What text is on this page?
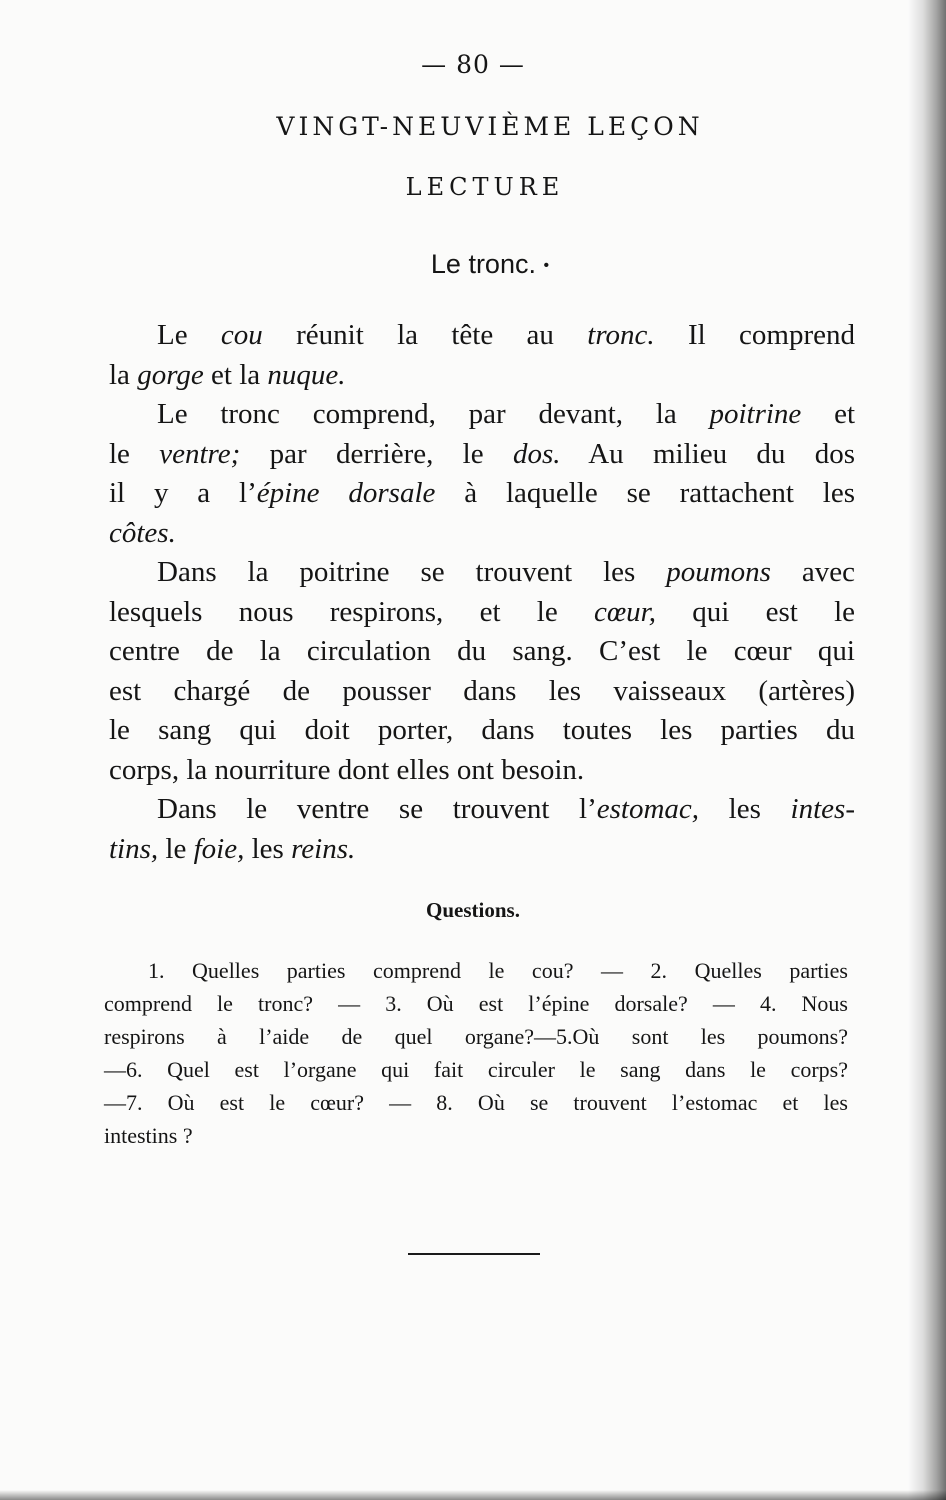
— 80 —
VINGT-NEUVIÈME LEÇON
LECTURE
Le tronc. •
Le cou réunit la tête au tronc. Il comprend
la gorge et la nuque.
Le tronc comprend, par devant, la poitrine et
le ventre; par derrière, le dos. Au milieu du dos
il y a l’épine dorsale à laquelle se rattachent les
côtes.
Dans la poitrine se trouvent les poumons avec
lesquels nous respirons, et le cœur, qui est le
centre de la circulation du sang. C’est le cœur qui
est chargé de pousser dans les vaisseaux (artères)
le sang qui doit porter, dans toutes les parties du
corps, la nourriture dont elles ont besoin.
Dans le ventre se trouvent l’estomac, les intes-
tins, le foie, les reins.
Questions.
1. Quelles parties comprend le cou? — 2. Quelles parties
comprend le tronc? — 3. Où est l’épine dorsale? — 4. Nous
respirons à l’aide de quel organe?—5.Où sont les poumons?
—6. Quel est l’organe qui fait circuler le sang dans le corps?
—7. Où est le cœur? — 8. Où se trouvent l’estomac et les
intestins ?
